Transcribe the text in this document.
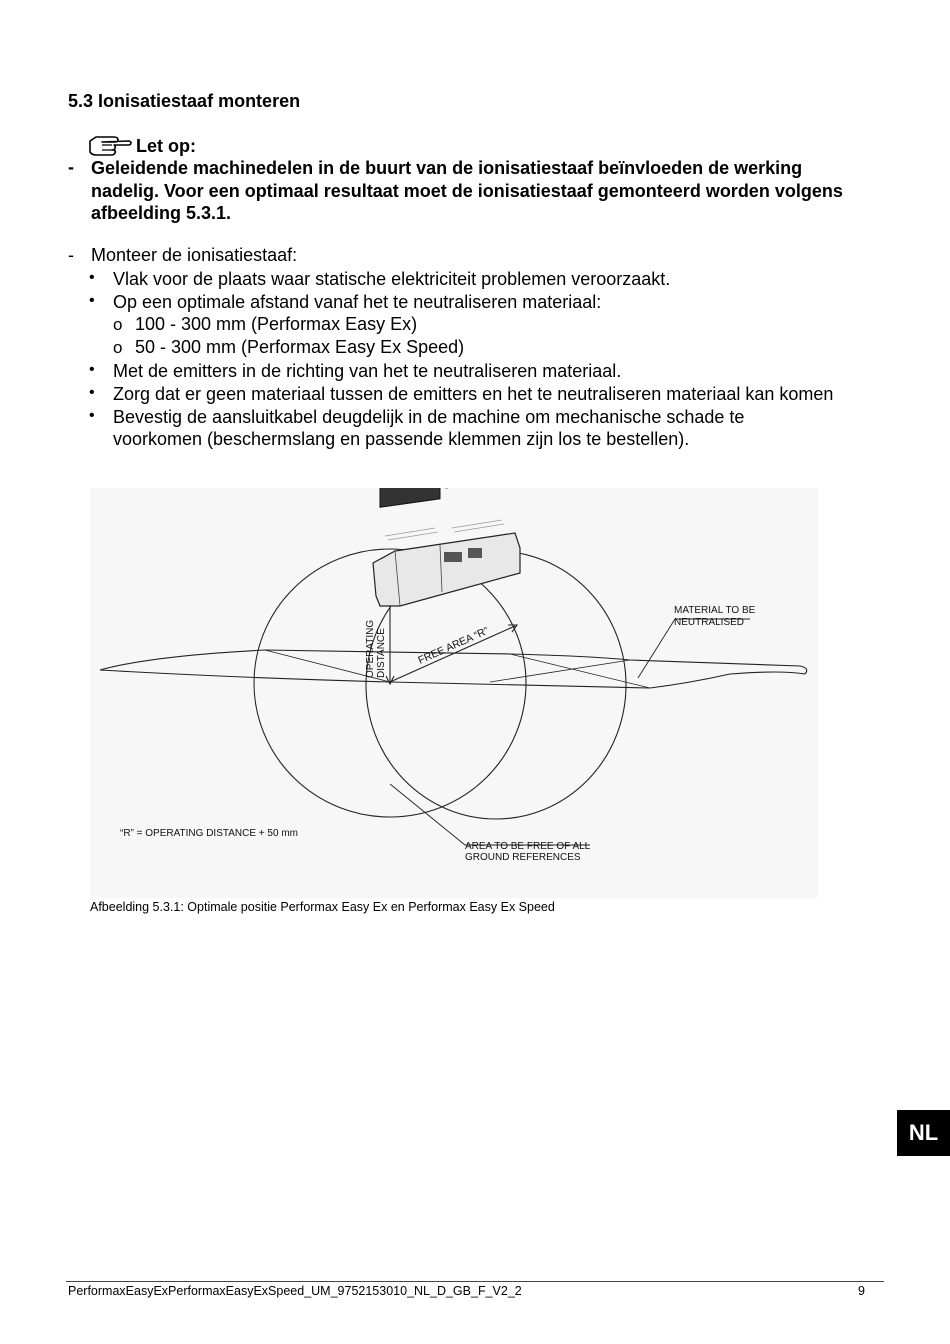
5.3 Ionisatiestaaf monteren
Let op:
- Geleidende machinedelen in de buurt van de ionisatiestaaf beïnvloeden de werking nadelig. Voor een optimaal resultaat moet de ionisatiestaaf gemonteerd worden volgens afbeelding 5.3.1.
- Monteer de ionisatiestaaf:
• Vlak voor de plaats waar statische elektriciteit problemen veroorzaakt.
• Op een optimale afstand vanaf het te neutraliseren materiaal:
o 100 - 300 mm (Performax Easy Ex)
o 50 - 300 mm (Performax Easy Ex Speed)
• Met de emitters in de richting van het te neutraliseren materiaal.
• Zorg dat er geen materiaal tussen de emitters en het te neutraliseren materiaal kan komen
• Bevestig de aansluitkabel deugdelijk in de machine om mechanische schade te
voorkomen (beschermslang en passende klemmen zijn los te bestellen).
OPERATING DISTANCE	FREE AREA “R”
MATERIAL TO BE
NEUTRALISED
“R” = OPERATING DISTANCE + 50 mm
AREA TO BE FREE OF ALL
GROUND REFERENCES
Afbeelding 5.3.1: Optimale positie Performax Easy Ex en Performax Easy Ex Speed
NL
PerformaxEasyExPerformaxEasyExSpeed_UM_9752153010_NL_D_GB_F_V2_2	9
